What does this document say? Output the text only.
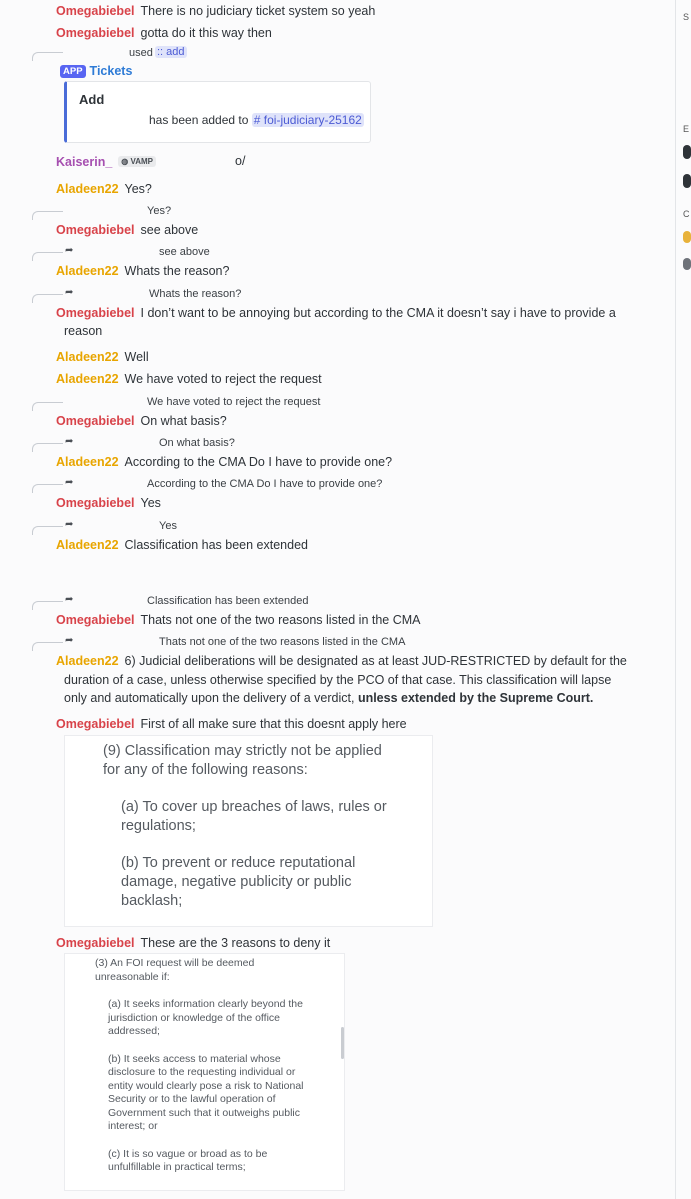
Omegabiebel There is no judiciary ticket system so yeah
Omegabiebel gotta do it this way then
used :: add
APP Tickets
Add
has been added to # foi-judiciary-25162
Kaiserin_ ◍ VAMP	o/
Aladeen22 Yes?
Yes?
Omegabiebel see above
➦	see above
Aladeen22 Whats the reason?
➦	Whats the reason?
Omegabiebel I don’t want to be annoying but according to the CMA it doesn’t say i have to provide a
reason
Aladeen22 Well
Aladeen22 We have voted to reject the request
We have voted to reject the request
Omegabiebel On what basis?
➦	On what basis?
Aladeen22 According to the CMA Do I have to provide one?
➦	According to the CMA Do I have to provide one?
Omegabiebel Yes
➦	Yes
Aladeen22 Classification has been extended
➦	Classification has been extended
Omegabiebel Thats not one of the two reasons listed in the CMA
➦	Thats not one of the two reasons listed in the CMA
Aladeen22 6) Judicial deliberations will be designated as at least JUD-RESTRICTED by default for the
duration of a case, unless otherwise specified by the PCO of that case. This classification will lapse
only and automatically upon the delivery of a verdict, unless extended by the Supreme Court.
Omegabiebel First of all make sure that this doesnt apply here
(9) Classification may strictly not be applied
for any of the following reasons:
(a) To cover up breaches of laws, rules or
regulations;
(b) To prevent or reduce reputational
damage, negative publicity or public
backlash;
Omegabiebel These are the 3 reasons to deny it
(3) An FOI request will be deemed
unreasonable if:
(a) It seeks information clearly beyond the
jurisdiction or knowledge of the office
addressed;
(b) It seeks access to material whose
disclosure to the requesting individual or
entity would clearly pose a risk to National
Security or to the lawful operation of
Government such that it outweighs public
interest; or
(c) It is so vague or broad as to be
unfulfillable in practical terms;
S
E
C
